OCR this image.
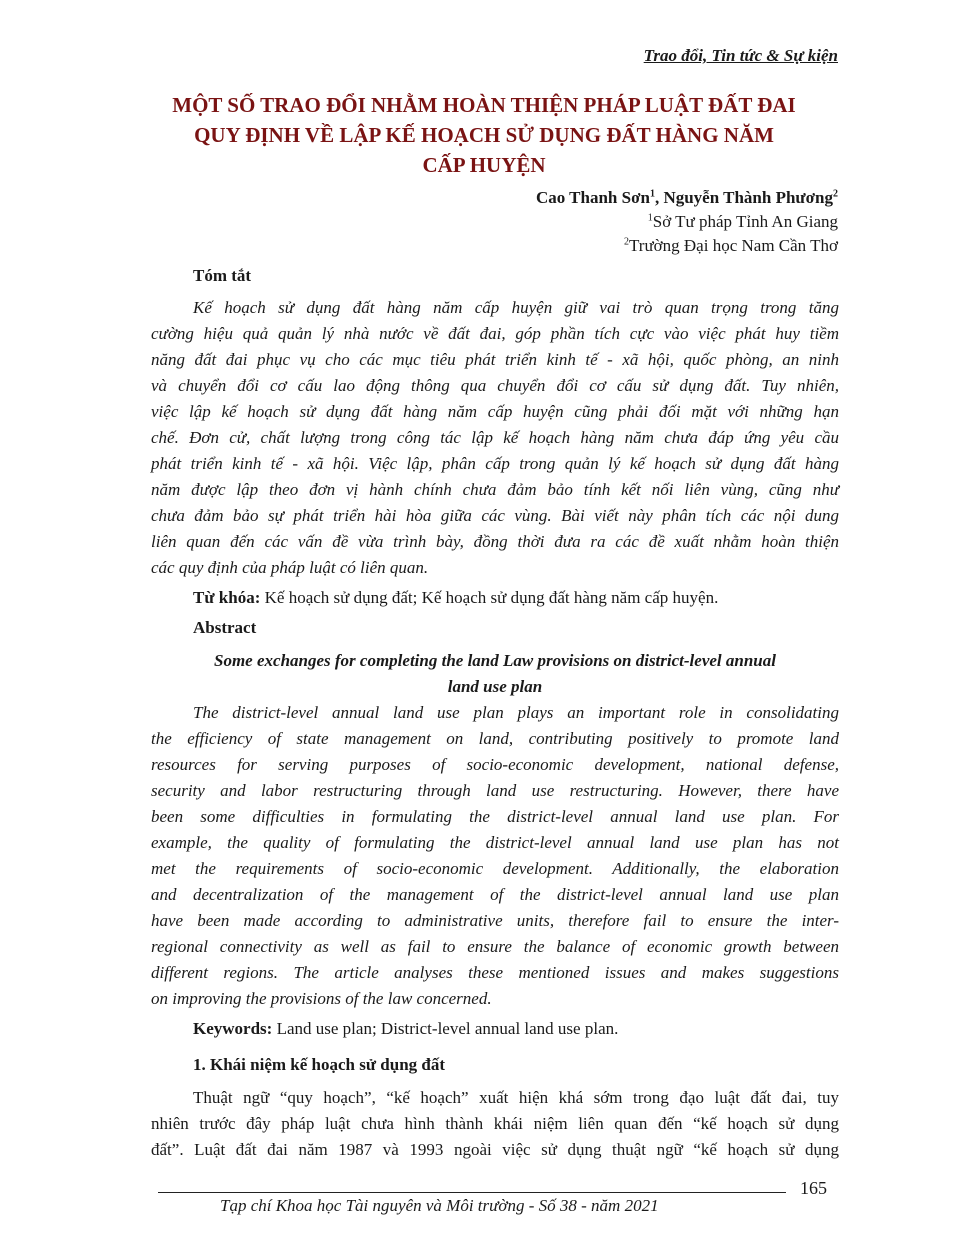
Trao đổi, Tin tức & Sự kiện
MỘT SỐ TRAO ĐỔI NHẰM HOÀN THIỆN PHÁP LUẬT ĐẤT ĐAI
QUY ĐỊNH VỀ LẬP KẾ HOẠCH SỬ DỤNG ĐẤT HÀNG NĂM
CẤP HUYỆN
Cao Thanh Sơn$^1$, Nguyễn Thành Phương$^2$
$^1$Sở Tư pháp Tỉnh An Giang
$^2$Trường Đại học Nam Cần Thơ
Tóm tắt

Kế hoạch sử dụng đất hàng năm cấp huyện giữ vai trò quan trọng trong tăng
cường hiệu quả quản lý nhà nước về đất đai, góp phần tích cực vào việc phát huy tiềm
năng đất đai phục vụ cho các mục tiêu phát triển kinh tế - xã hội, quốc phòng, an ninh
và chuyển đổi cơ cấu lao động thông qua chuyển đổi cơ cấu sử dụng đất. Tuy nhiên,
việc lập kế hoạch sử dụng đất hàng năm cấp huyện cũng phải đối mặt với những hạn
chế. Đơn cử, chất lượng trong công tác lập kế hoạch hàng năm chưa đáp ứng yêu cầu
phát triển kinh tế - xã hội. Việc lập, phân cấp trong quản lý kế hoạch sử dụng đất hàng
năm được lập theo đơn vị hành chính chưa đảm bảo tính kết nối liên vùng, cũng như
chưa đảm bảo sự phát triển hài hòa giữa các vùng. Bài viết này phân tích các nội dung
liên quan đến các vấn đề vừa trình bày, đồng thời đưa ra các đề xuất nhằm hoàn thiện
các quy định của pháp luật có liên quan.

Từ khóa: Kế hoạch sử dụng đất; Kế hoạch sử dụng đất hàng năm cấp huyện.
Abstract

Some exchanges for completing the land Law provisions on district-level annual
land use plan

The district-level annual land use plan plays an important role in consolidating
the efficiency of state management on land, contributing positively to promote land
resources for serving purposes of socio-economic development, national defense,
security and labor restructuring through land use restructuring. However, there have
been some difficulties in formulating the district-level annual land use plan. For
example, the quality of formulating the district-level annual land use plan has not
met the requirements of socio-economic development. Additionally, the elaboration
and decentralization of the management of the district-level annual land use plan
have been made according to administrative units, therefore fail to ensure the inter-
regional connectivity as well as fail to ensure the balance of economic growth between
different regions. The article analyses these mentioned issues and makes suggestions
on improving the provisions of the law concerned.

Keywords: Land use plan; District-level annual land use plan.
1. Khái niệm kế hoạch sử dụng đất

Thuật ngữ “quy hoạch”, “kế hoạch” xuất hiện khá sớm trong đạo luật đất đai, tuy
nhiên trước đây pháp luật chưa hình thành khái niệm liên quan đến “kế hoạch sử dụng
đất”. Luật đất đai năm 1987 và 1993 ngoài việc sử dụng thuật ngữ “kế hoạch sử dụng

165
Tạp chí Khoa học Tài nguyên và Môi trường - Số 38 - năm 2021
